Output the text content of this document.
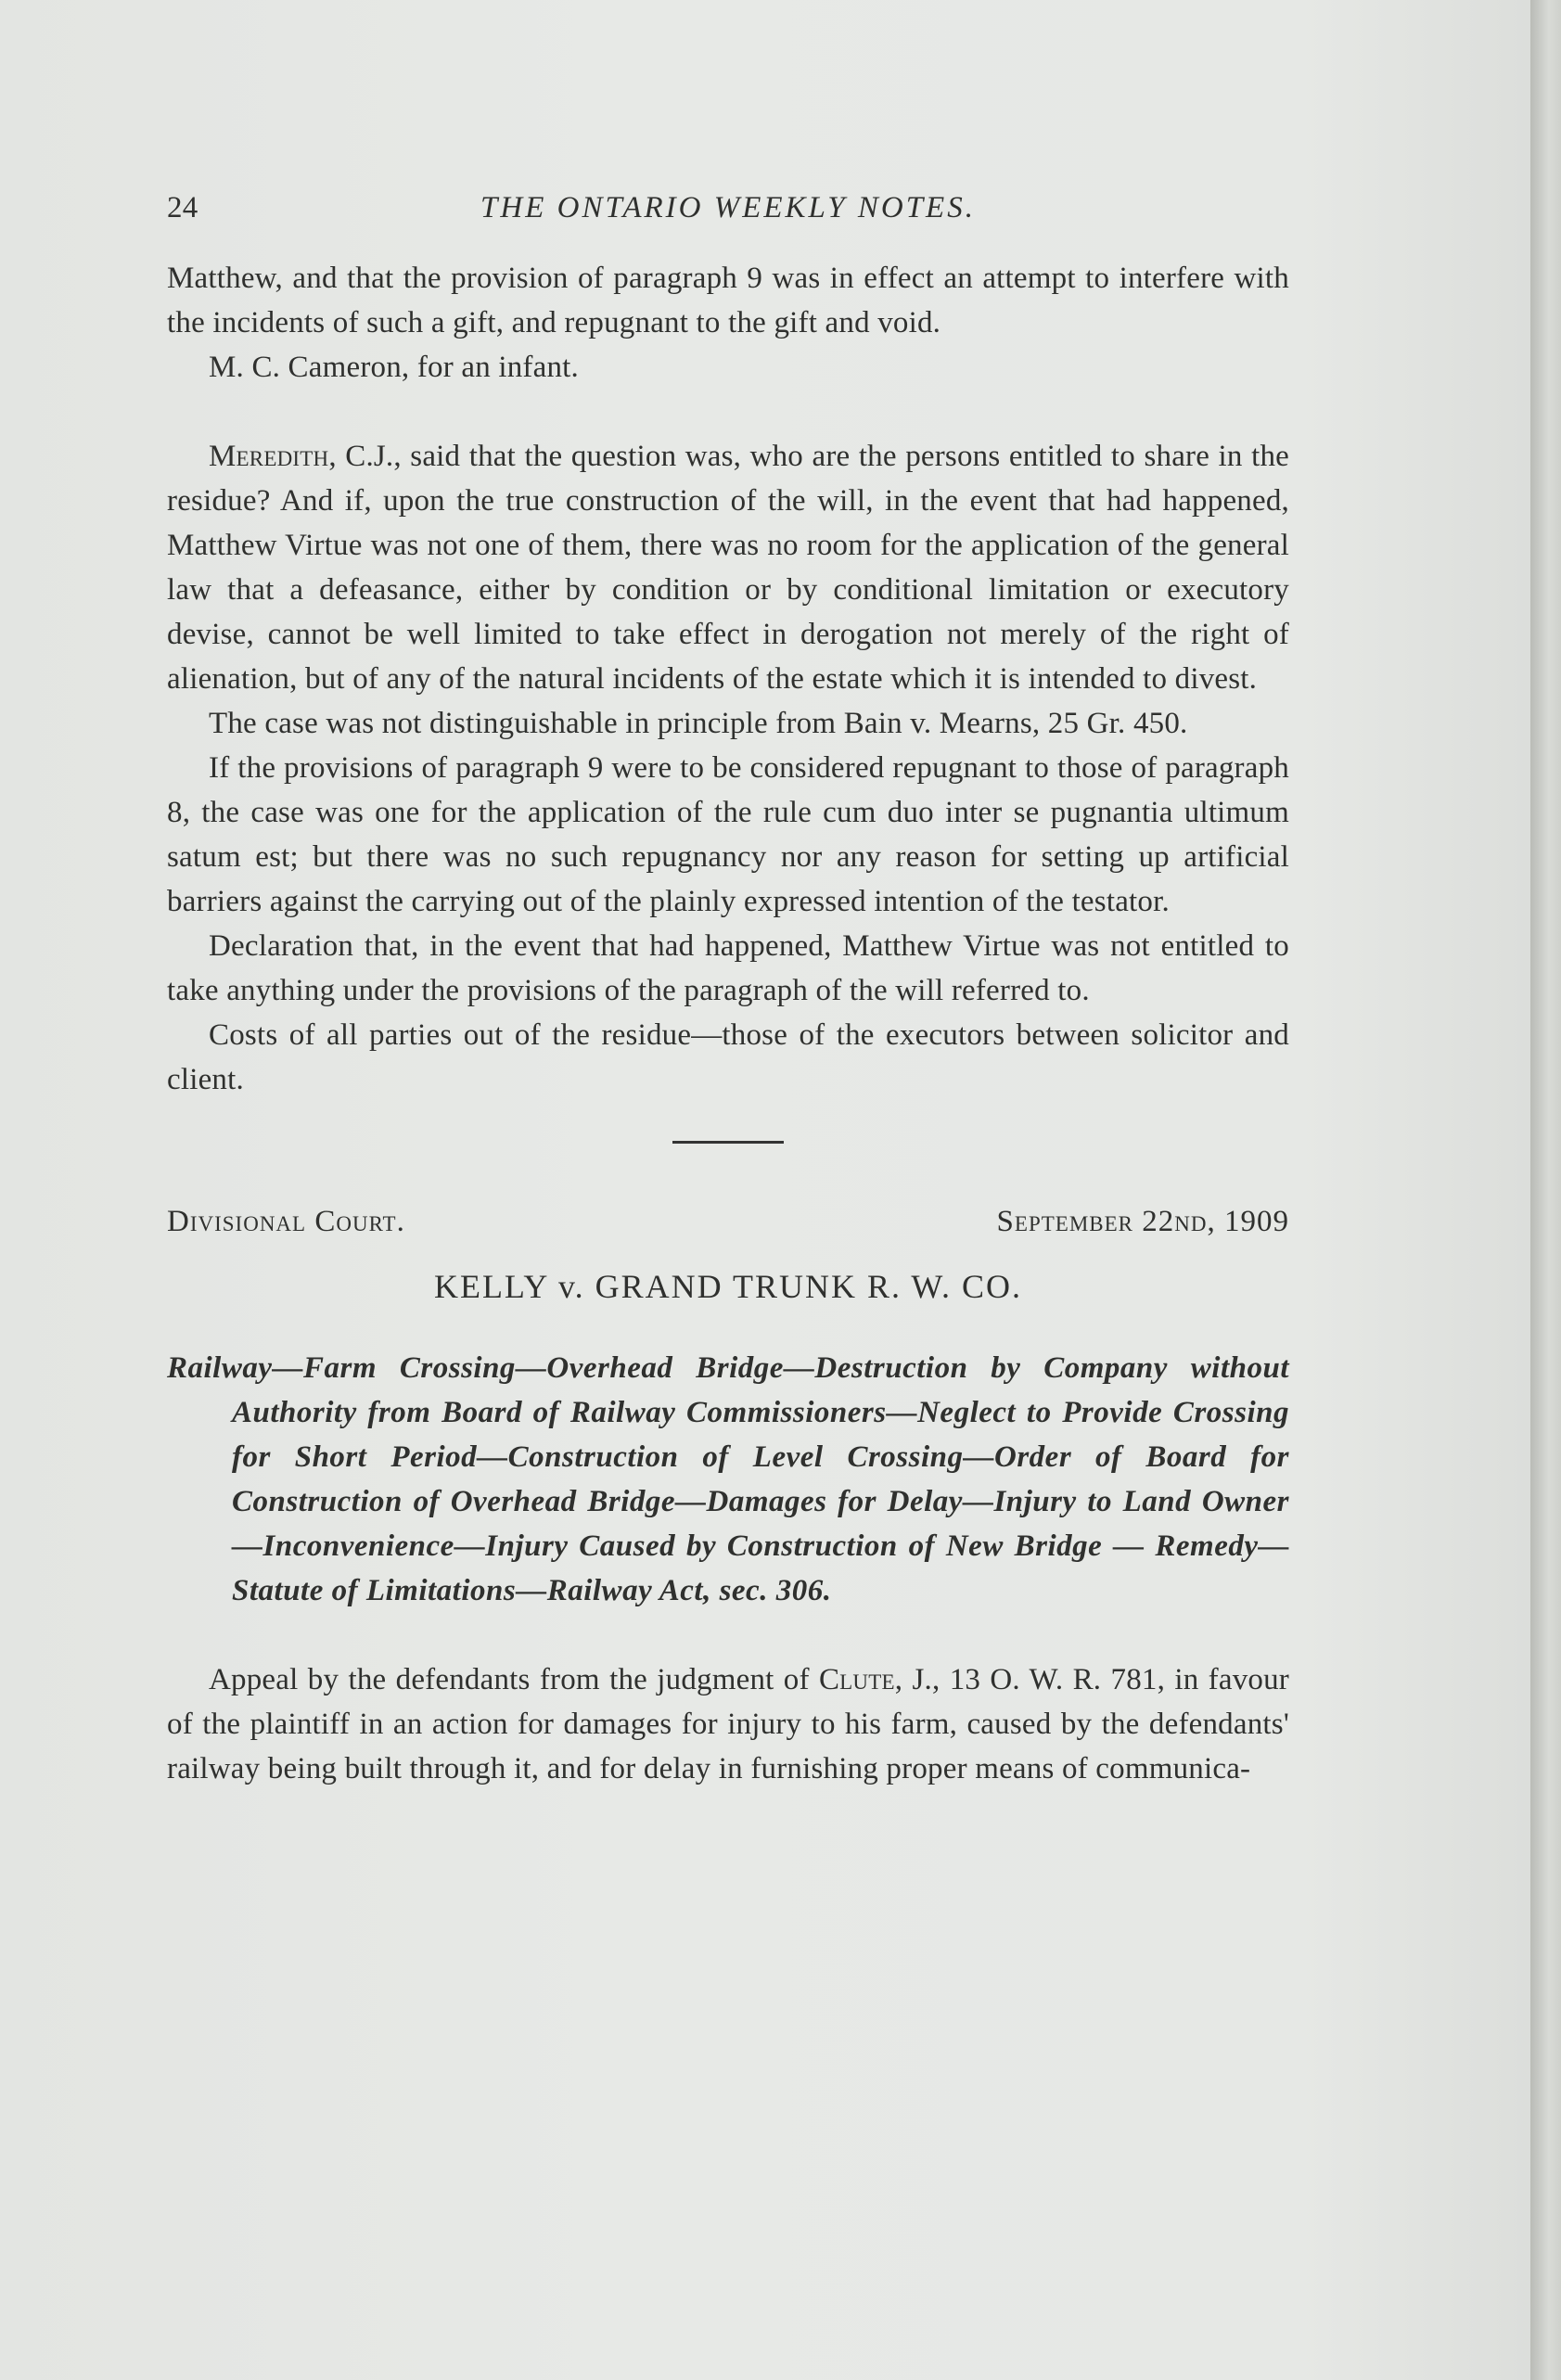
24	THE ONTARIO WEEKLY NOTES.

Matthew, and that the provision of paragraph 9 was in effect an attempt to interfere with the incidents of such a gift, and repugnant to the gift and void.

M. C. Cameron, for an infant.

Meredith, C.J., said that the question was, who are the persons entitled to share in the residue? And if, upon the true construction of the will, in the event that had happened, Matthew Virtue was not one of them, there was no room for the application of the general law that a defeasance, either by condition or by conditional limitation or executory devise, cannot be well limited to take effect in derogation not merely of the right of alienation, but of any of the natural incidents of the estate which it is intended to divest.

The case was not distinguishable in principle from Bain v. Mearns, 25 Gr. 450.

If the provisions of paragraph 9 were to be considered repugnant to those of paragraph 8, the case was one for the application of the rule cum duo inter se pugnantia ultimum satum est; but there was no such repugnancy nor any reason for setting up artificial barriers against the carrying out of the plainly expressed intention of the testator.

Declaration that, in the event that had happened, Matthew Virtue was not entitled to take anything under the provisions of the paragraph of the will referred to.

Costs of all parties out of the residue—those of the executors between solicitor and client.

Divisional Court.	September 22nd, 1909
KELLY v. GRAND TRUNK R. W. CO.
Railway—Farm Crossing—Overhead Bridge—Destruction by Company without Authority from Board of Railway Commissioners—Neglect to Provide Crossing for Short Period—Construction of Level Crossing—Order of Board for Construction of Overhead Bridge—Damages for Delay—Injury to Land Owner—Inconvenience—Injury Caused by Construction of New Bridge — Remedy—Statute of Limitations—Railway Act, sec. 306.

Appeal by the defendants from the judgment of Clute, J., 13 O. W. R. 781, in favour of the plaintiff in an action for damages for injury to his farm, caused by the defendants' railway being built through it, and for delay in furnishing proper means of communica-
